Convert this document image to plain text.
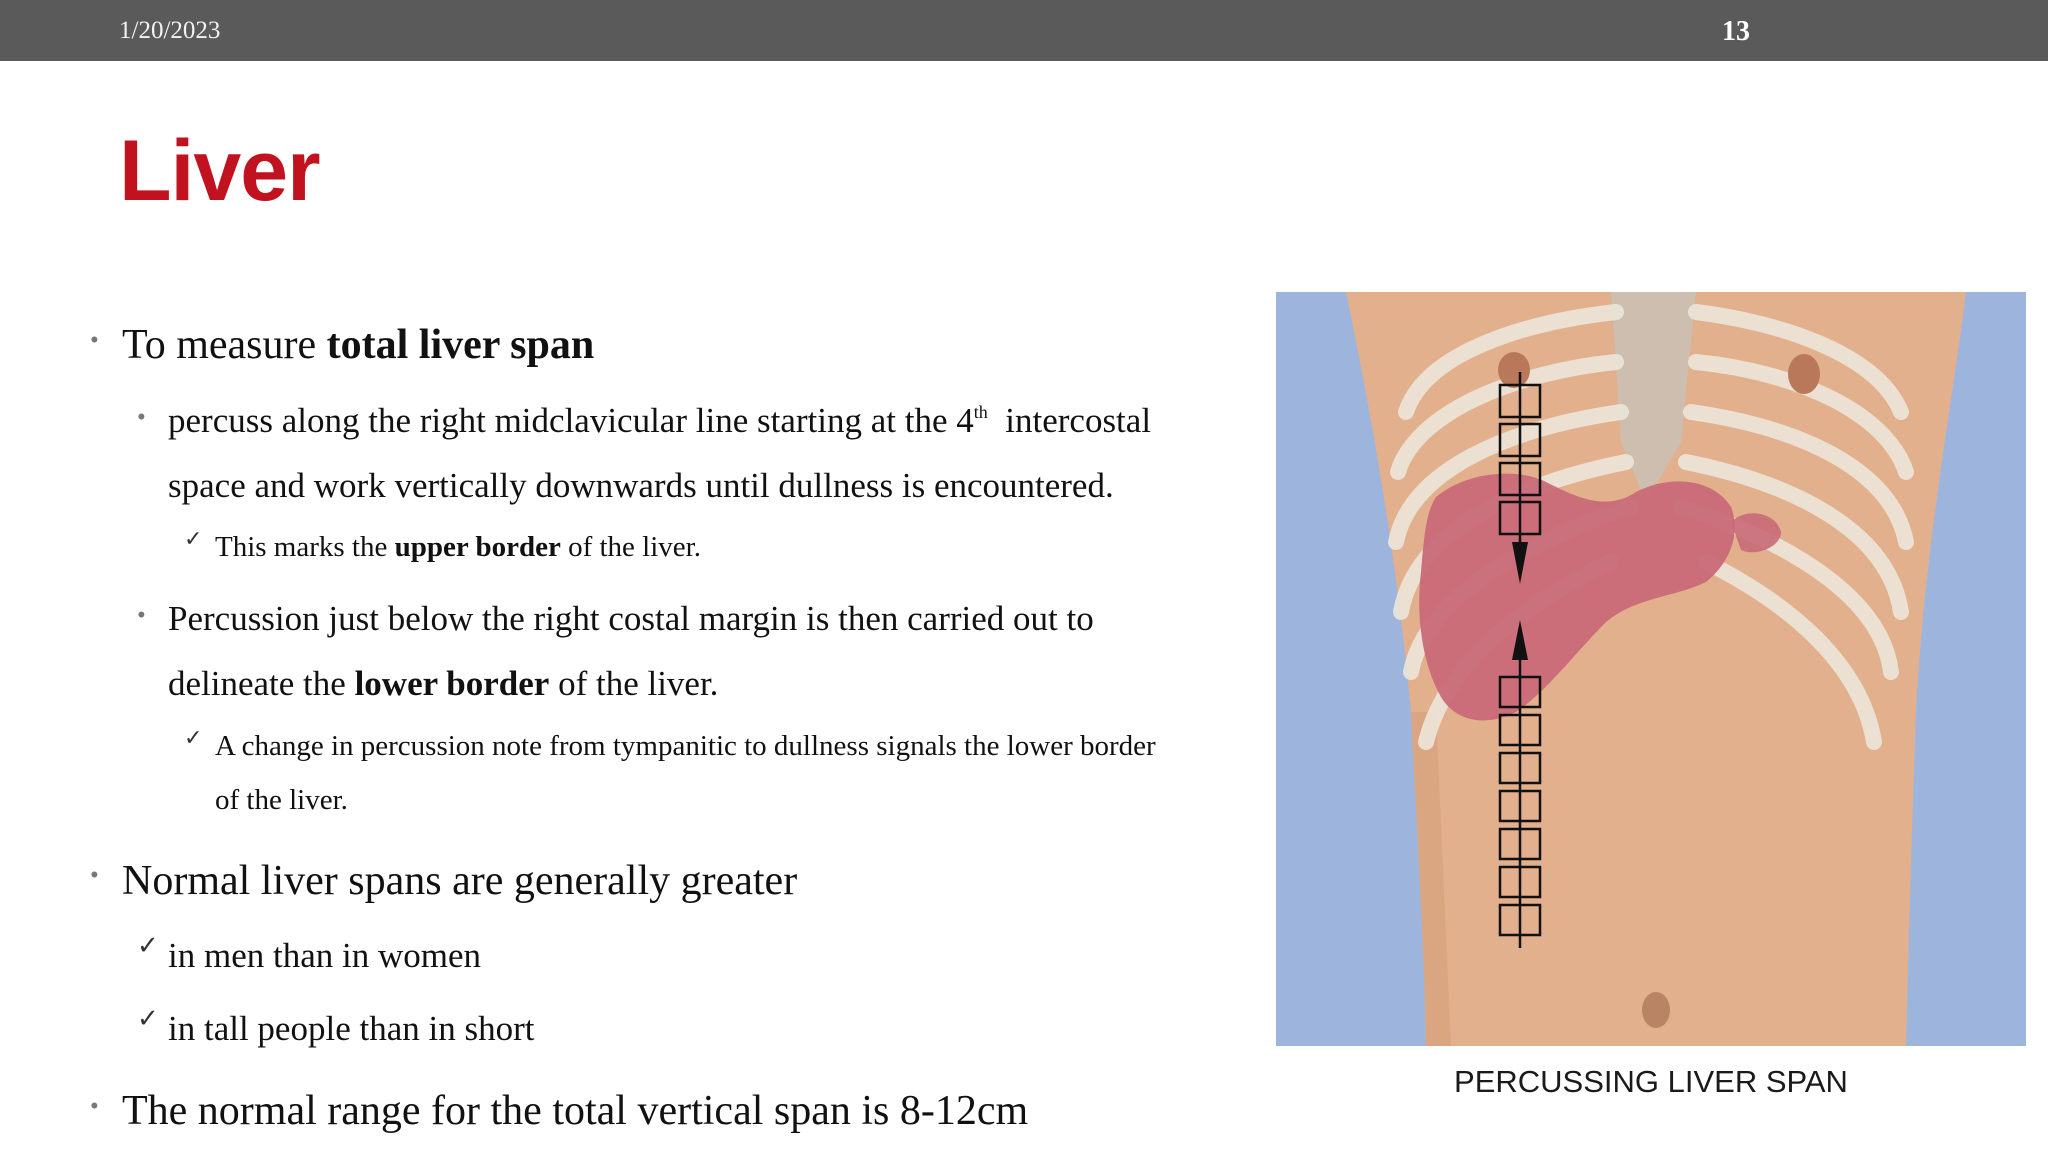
1/20/2023	13
Liver
• To measure total liver span
• percuss along the right midclavicular line starting at the 4th  intercostal
space and work vertically downwards until dullness is encountered.
✓ This marks the upper border of the liver.
• Percussion just below the right costal margin is then carried out to
delineate the lower border of the liver.
✓ A change in percussion note from tympanitic to dullness signals the lower border
of the liver.
• Normal liver spans are generally greater
✓ in men than in women
✓ in tall people than in short
• The normal range for the total vertical span is 8-12cm
PERCUSSING LIVER SPAN
